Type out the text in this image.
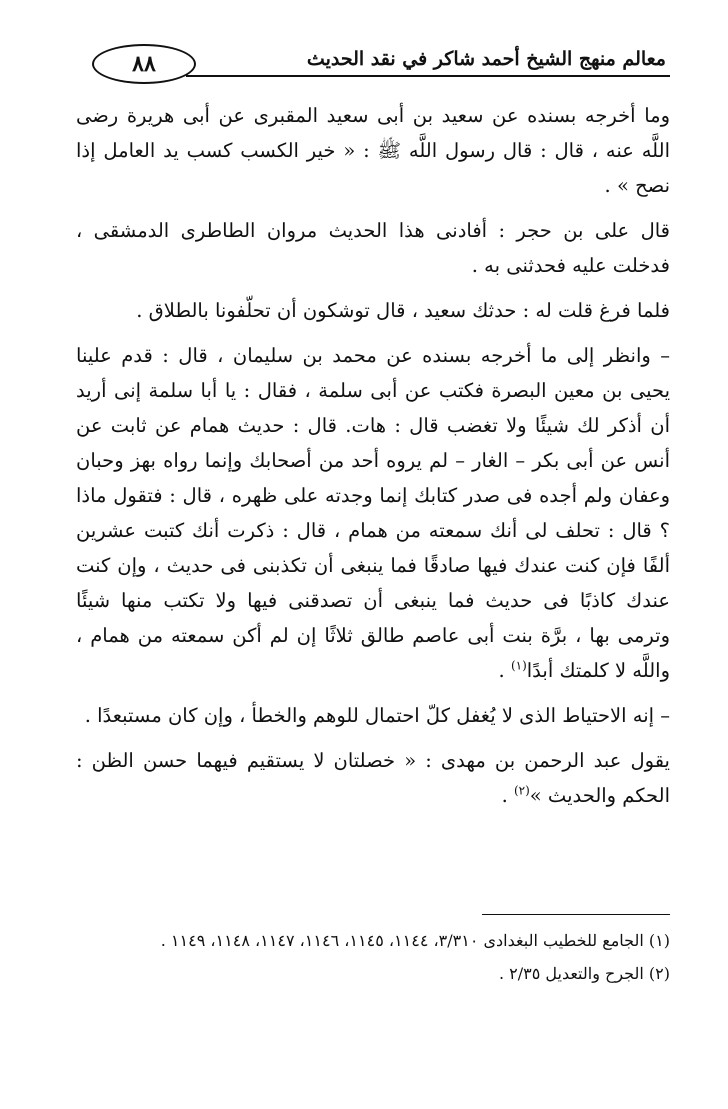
٨٨	معالم منهج الشيخ أحمد شاكر في نقد الحديث

وما أخرجه بسنده عن سعيد بن أبى سعيد المقبرى عن أبى هريرة رضى اللَّه عنه ، قال : قال رسول اللَّه ﷺ : « خير الكسب كسب يد العامل إذا نصح » .

قال على بن حجر : أفادنى هذا الحديث مروان الطاطرى الدمشقى ، فدخلت عليه فحدثنى به .

فلما فرغ قلت له : حدثك سعيد ، قال توشكون أن تحلّفونا بالطلاق .

– وانظر إلى ما أخرجه بسنده عن محمد بن سليمان ، قال : قدم علينا يحيى بن معين البصرة فكتب عن أبى سلمة ، فقال : يا أبا سلمة إنى أريد أن أذكر لك شيئًا ولا تغضب قال : هات. قال : حديث همام عن ثابت عن أنس عن أبى بكر – الغار – لم يروه أحد من أصحابك وإنما رواه بهز وحبان وعفان ولم أجده فى صدر كتابك إنما وجدته على ظهره ، قال : فتقول ماذا ؟ قال : تحلف لى أنك سمعته من همام ، قال : ذكرت أنك كتبت عشرين ألفًا فإن كنت عندك فيها صادقًا فما ينبغى أن تكذبنى فى حديث ، وإن كنت عندك كاذبًا فى حديث فما ينبغى أن تصدقنى فيها ولا تكتب منها شيئًا وترمى بها ، برَّة بنت أبى عاصم طالق ثلاثًا إن لم أكن سمعته من همام ، واللَّه لا كلمتك أبدًا$^{(١)}$ .

– إنه الاحتياط الذى لا يُغفل كلّ احتمال للوهم والخطأ ، وإن كان مستبعدًا .

يقول عبد الرحمن بن مهدى : « خصلتان لا يستقيم فيهما حسن الظن : الحكم والحديث »$^{(٢)}$ .

(١) الجامع للخطيب البغدادى ٣/٣١٠، ١١٤٤، ١١٤٥، ١١٤٦، ١١٤٧، ١١٤٨، ١١٤٩ .

(٢) الجرح والتعديل ٢/٣٥ .
